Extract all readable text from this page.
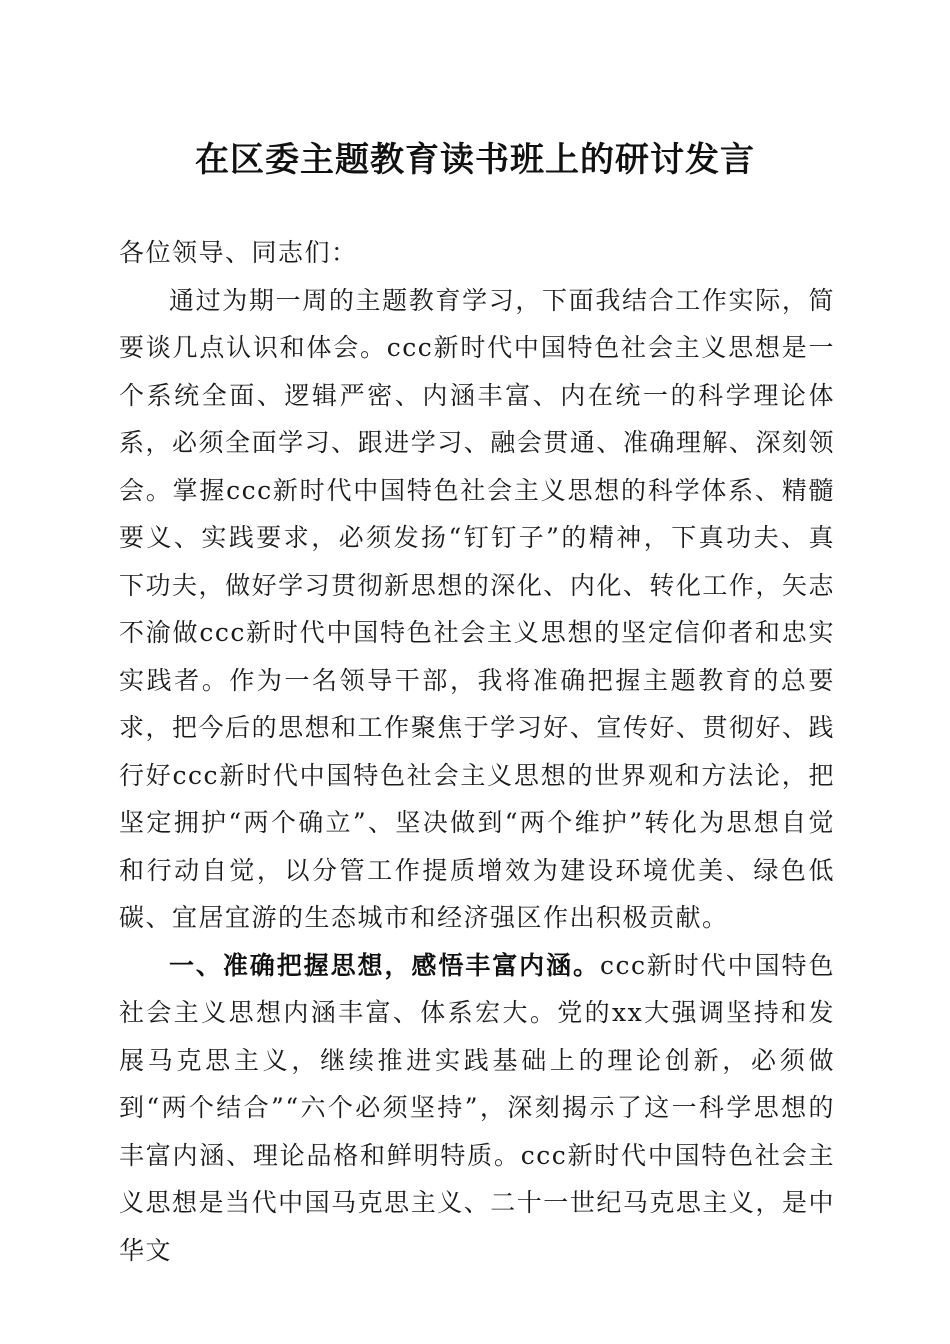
在区委主题教育读书班上的研讨发言

各位领导、同志们：

通过为期一周的主题教育学习，下面我结合工作实际，简要谈几点认识和体会。ccc新时代中国特色社会主义思想是一个系统全面、逻辑严密、内涵丰富、内在统一的科学理论体系，必须全面学习、跟进学习、融会贯通、准确理解、深刻领会。掌握ccc新时代中国特色社会主义思想的科学体系、精髓要义、实践要求，必须发扬“钉钉子”的精神，下真功夫、真下功夫，做好学习贯彻新思想的深化、内化、转化工作，矢志不渝做ccc新时代中国特色社会主义思想的坚定信仰者和忠实实践者。作为一名领导干部，我将准确把握主题教育的总要求，把今后的思想和工作聚焦于学习好、宣传好、贯彻好、践行好ccc新时代中国特色社会主义思想的世界观和方法论，把坚定拥护“两个确立”、坚决做到“两个维护”转化为思想自觉和行动自觉，以分管工作提质增效为建设环境优美、绿色低碳、宜居宜游的生态城市和经济强区作出积极贡献。

一、准确把握思想，感悟丰富内涵。ccc新时代中国特色社会主义思想内涵丰富、体系宏大。党的xx大强调坚持和发展马克思主义，继续推进实践基础上的理论创新，必须做到“两个结合”“六个必须坚持”，深刻揭示了这一科学思想的丰富内涵、理论品格和鲜明特质。ccc新时代中国特色社会主义思想是当代中国马克思主义、二十一世纪马克思主义，是中华文
